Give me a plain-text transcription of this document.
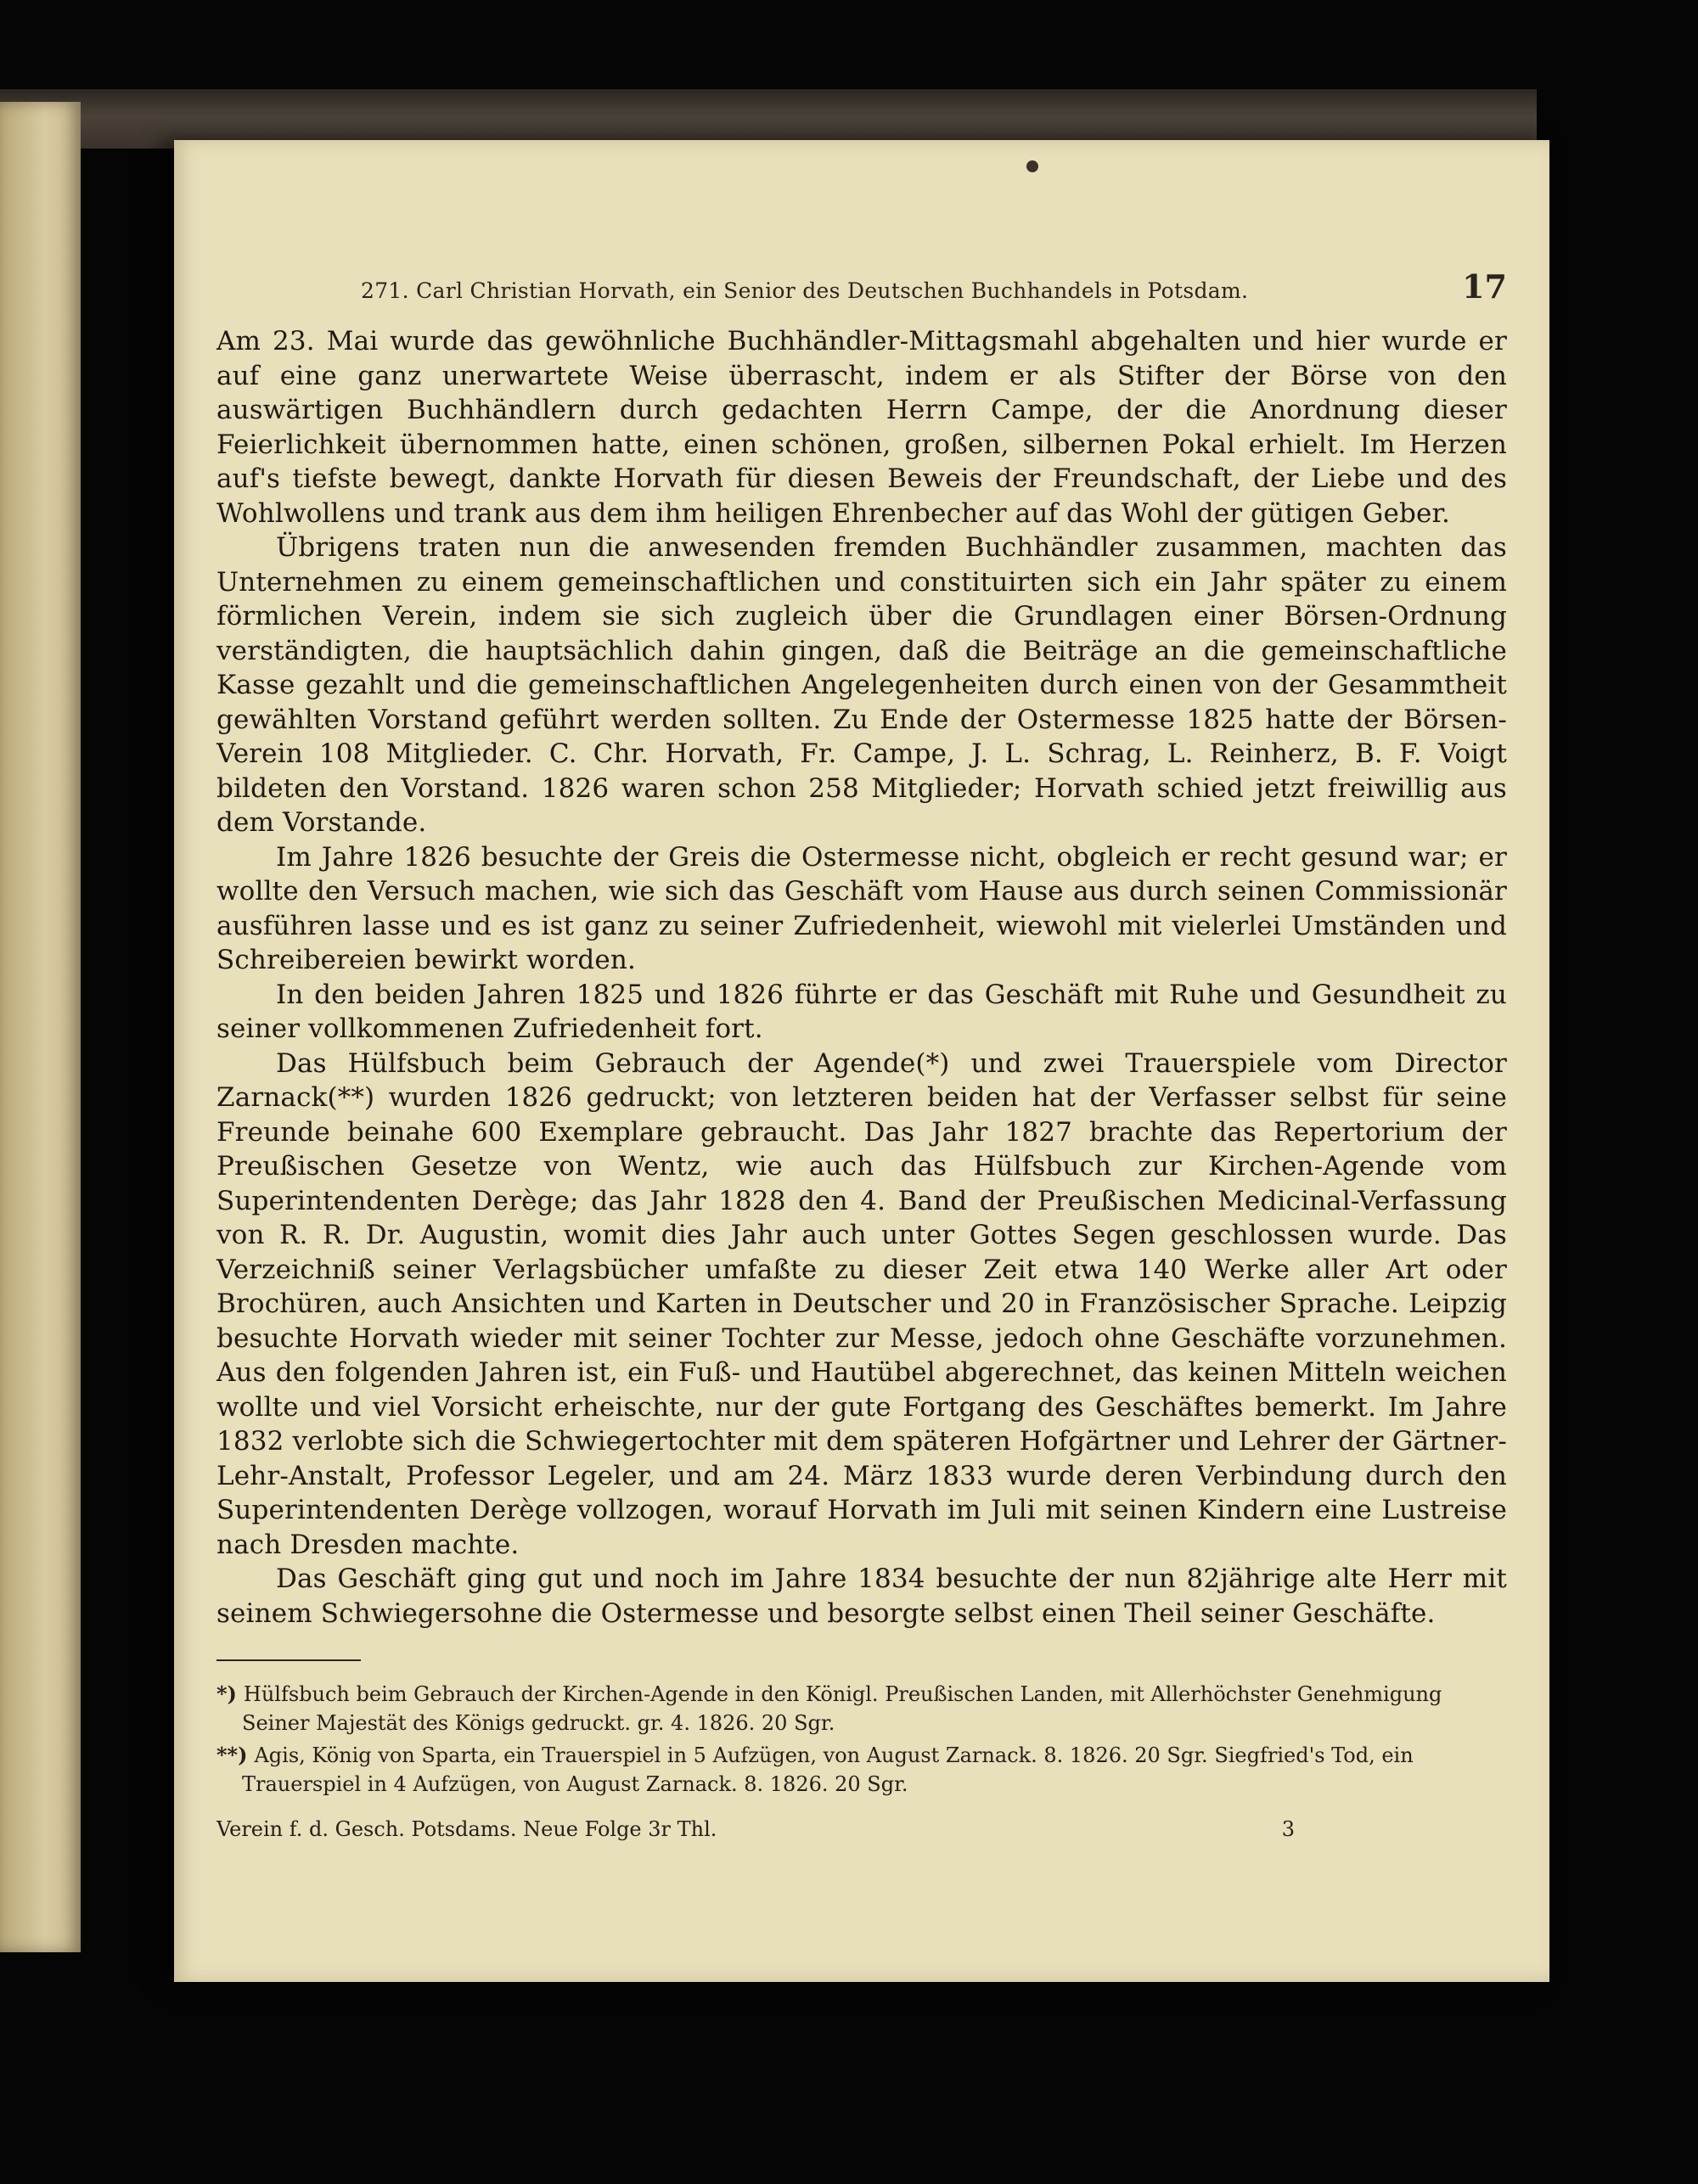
271. Carl Christian Horvath, ein Senior des Deutschen Buchhandels in Potsdam.	17

Am 23. Mai wurde das gewöhnliche Buchhändler-Mittagsmahl abgehalten und hier wurde er auf eine ganz unerwartete Weise überrascht, indem er als Stifter der Börse von den auswärtigen Buchhändlern durch gedachten Herrn Campe, der die Anordnung dieser Feierlichkeit übernommen hatte, einen schönen, großen, silbernen Pokal erhielt. Im Herzen auf's tiefste bewegt, dankte Horvath für diesen Beweis der Freundschaft, der Liebe und des Wohlwollens und trank aus dem ihm heiligen Ehrenbecher auf das Wohl der gütigen Geber.

Übrigens traten nun die anwesenden fremden Buchhändler zusammen, machten das Unternehmen zu einem gemeinschaftlichen und constituirten sich ein Jahr später zu einem förmlichen Verein, indem sie sich zugleich über die Grundlagen einer Börsen-Ordnung verständigten, die hauptsächlich dahin gingen, daß die Beiträge an die gemeinschaftliche Kasse gezahlt und die gemeinschaftlichen Angelegenheiten durch einen von der Gesammtheit gewählten Vorstand geführt werden sollten. Zu Ende der Ostermesse 1825 hatte der Börsen-Verein 108 Mitglieder. C. Chr. Horvath, Fr. Campe, J. L. Schrag, L. Reinherz, B. F. Voigt bildeten den Vorstand. 1826 waren schon 258 Mitglieder; Horvath schied jetzt freiwillig aus dem Vorstande.

Im Jahre 1826 besuchte der Greis die Ostermesse nicht, obgleich er recht gesund war; er wollte den Versuch machen, wie sich das Geschäft vom Hause aus durch seinen Commissionär ausführen lasse und es ist ganz zu seiner Zufriedenheit, wiewohl mit vielerlei Umständen und Schreibereien bewirkt worden.

In den beiden Jahren 1825 und 1826 führte er das Geschäft mit Ruhe und Gesundheit zu seiner vollkommenen Zufriedenheit fort.

Das Hülfsbuch beim Gebrauch der Agende(*) und zwei Trauerspiele vom Director Zarnack(**) wurden 1826 gedruckt; von letzteren beiden hat der Verfasser selbst für seine Freunde beinahe 600 Exemplare gebraucht. Das Jahr 1827 brachte das Repertorium der Preußischen Gesetze von Wentz, wie auch das Hülfsbuch zur Kirchen-Agende vom Superintendenten Derège; das Jahr 1828 den 4. Band der Preußischen Medicinal-Verfassung von R. R. Dr. Augustin, womit dies Jahr auch unter Gottes Segen geschlossen wurde. Das Verzeichniß seiner Verlagsbücher umfaßte zu dieser Zeit etwa 140 Werke aller Art oder Brochüren, auch Ansichten und Karten in Deutscher und 20 in Französischer Sprache. Leipzig besuchte Horvath wieder mit seiner Tochter zur Messe, jedoch ohne Geschäfte vorzunehmen. Aus den folgenden Jahren ist, ein Fuß- und Hautübel abgerechnet, das keinen Mitteln weichen wollte und viel Vorsicht erheischte, nur der gute Fortgang des Geschäftes bemerkt. Im Jahre 1832 verlobte sich die Schwiegertochter mit dem späteren Hofgärtner und Lehrer der Gärtner-Lehr-Anstalt, Professor Legeler, und am 24. März 1833 wurde deren Verbindung durch den Superintendenten Derège vollzogen, worauf Horvath im Juli mit seinen Kindern eine Lustreise nach Dresden machte.

Das Geschäft ging gut und noch im Jahre 1834 besuchte der nun 82jährige alte Herr mit seinem Schwiegersohne die Ostermesse und besorgte selbst einen Theil seiner Geschäfte.

*) Hülfsbuch beim Gebrauch der Kirchen-Agende in den Königl. Preußischen Landen, mit Allerhöchster Genehmigung Seiner Majestät des Königs gedruckt. gr. 4. 1826. 20 Sgr.

**) Agis, König von Sparta, ein Trauerspiel in 5 Aufzügen, von August Zarnack. 8. 1826. 20 Sgr. Siegfried's Tod, ein Trauerspiel in 4 Aufzügen, von August Zarnack. 8. 1826. 20 Sgr.

Verein f. d. Gesch. Potsdams. Neue Folge 3r Thl.	3
